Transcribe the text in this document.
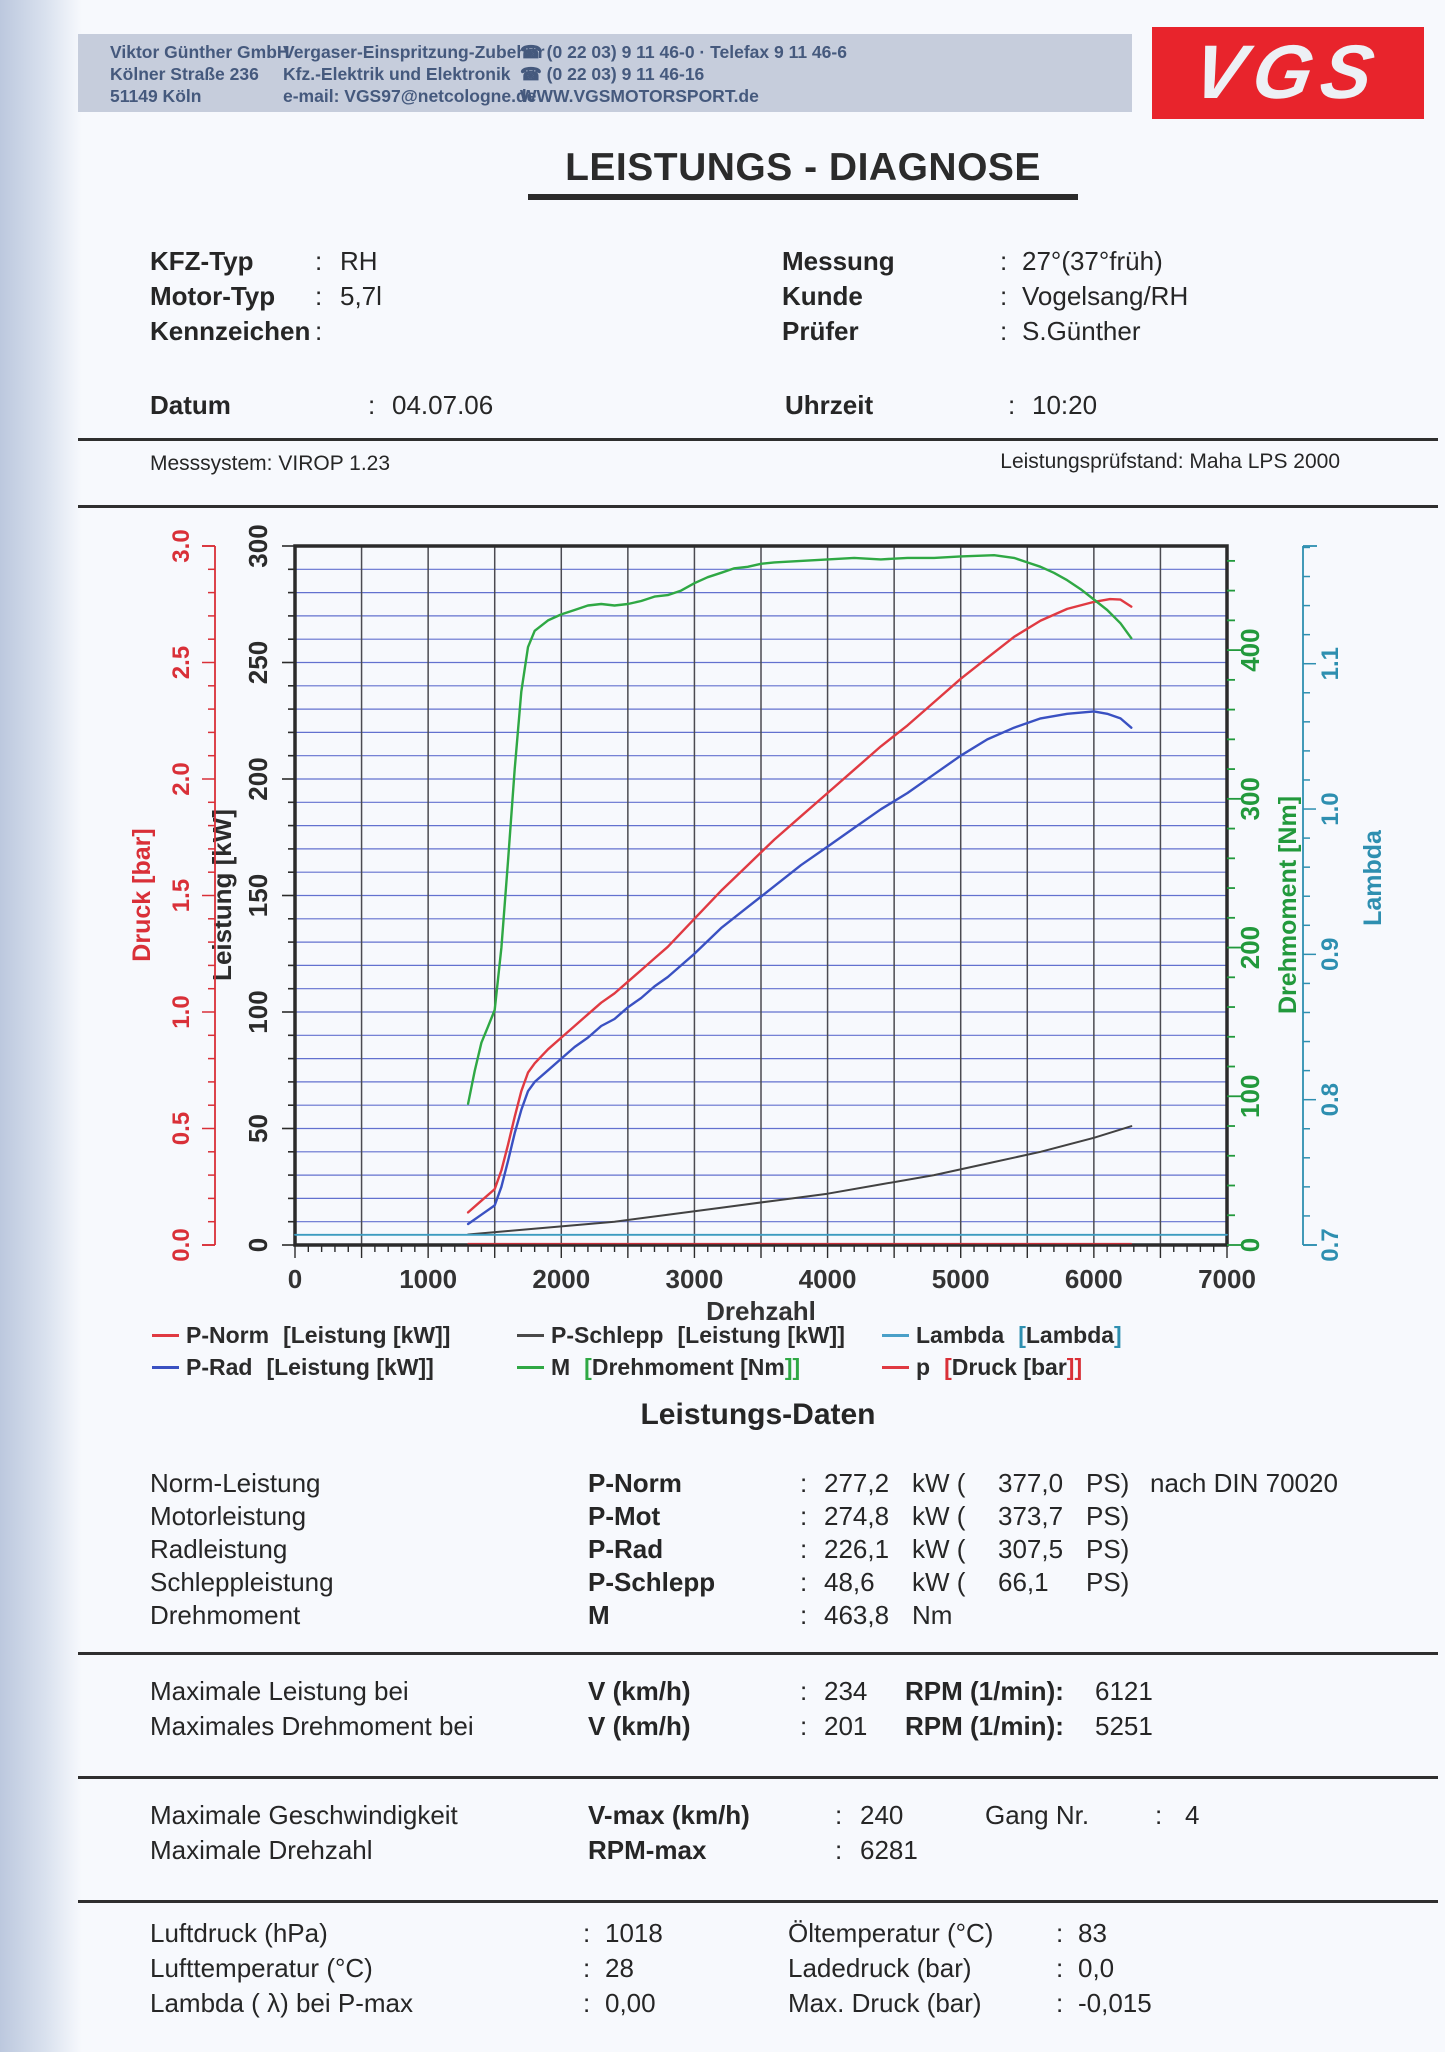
Viktor Günther GmbH
Kölner Straße 236
51149 Köln
Vergaser-Einspritzung-Zubehör
Kfz.-Elektrik und Elektronik
e-mail: VGS97@netcologne.de
☎ (0 22 03) 9 11 46-0 · Telefax 9 11 46-6
☎ (0 22 03) 9 11 46-16
WWW.VGSMOTORSPORT.de	VGS
LEISTUNGS - DIAGNOSE
KFZ-Typ : RH
Motor-Typ : 5,7l
Kennzeichen :
Messung	: 27°(37°früh)
Kunde	: Vogelsang/RH
Prüfer	: S.Günther
Datum	: 04.07.06	Uhrzeit	: 10:20
Messsystem: VIROP 1.23	Leistungsprüfstand: Maha LPS 2000
0	1000	2000	3000	4000	5000	6000	7000
Drehzahl
0
50
100
150
200
250
300
Leistung [kW]
0.0
0.5
1.0
1.5
2.0
2.5
3.0
Druck [bar]
0
100
200
300
400
Drehmoment [Nm]
0.7
0.8
0.9
1.0
1.1
Lambda
P-Norm [Leistung [kW]]
P-Rad [Leistung [kW]]
P-Schlepp [Leistung [kW]]
M [Drehmoment [Nm]]
Lambda [Lambda]
p [Druck [bar]]
Leistungs-Daten
Norm-Leistung	P-Norm	: 277,2 kW ( 377,0 PS) nach DIN 70020
Motorleistung	P-Mot	: 274,8 kW ( 373,7 PS)
Radleistung	P-Rad	: 226,1 kW ( 307,5 PS)
Schleppleistung	P-Schlepp	: 48,6 kW ( 66,1 PS)
Drehmoment	M	: 463,8 Nm
Maximale Leistung bei	V (km/h)	: 234 RPM (1/min): 6121
Maximales Drehmoment bei	V (km/h)	: 201 RPM (1/min): 5251
Maximale Geschwindigkeit	V-max (km/h)	: 240	Gang Nr.	: 4
Maximale Drehzahl	RPM-max	: 6281
Luftdruck (hPa)	: 1018	Öltemperatur (°C) : 83
Lufttemperatur (°C)	: 28	Ladedruck (bar)	: 0,0
Lambda ( λ) bei P-max	: 0,00	Max. Druck (bar)	: -0,015
